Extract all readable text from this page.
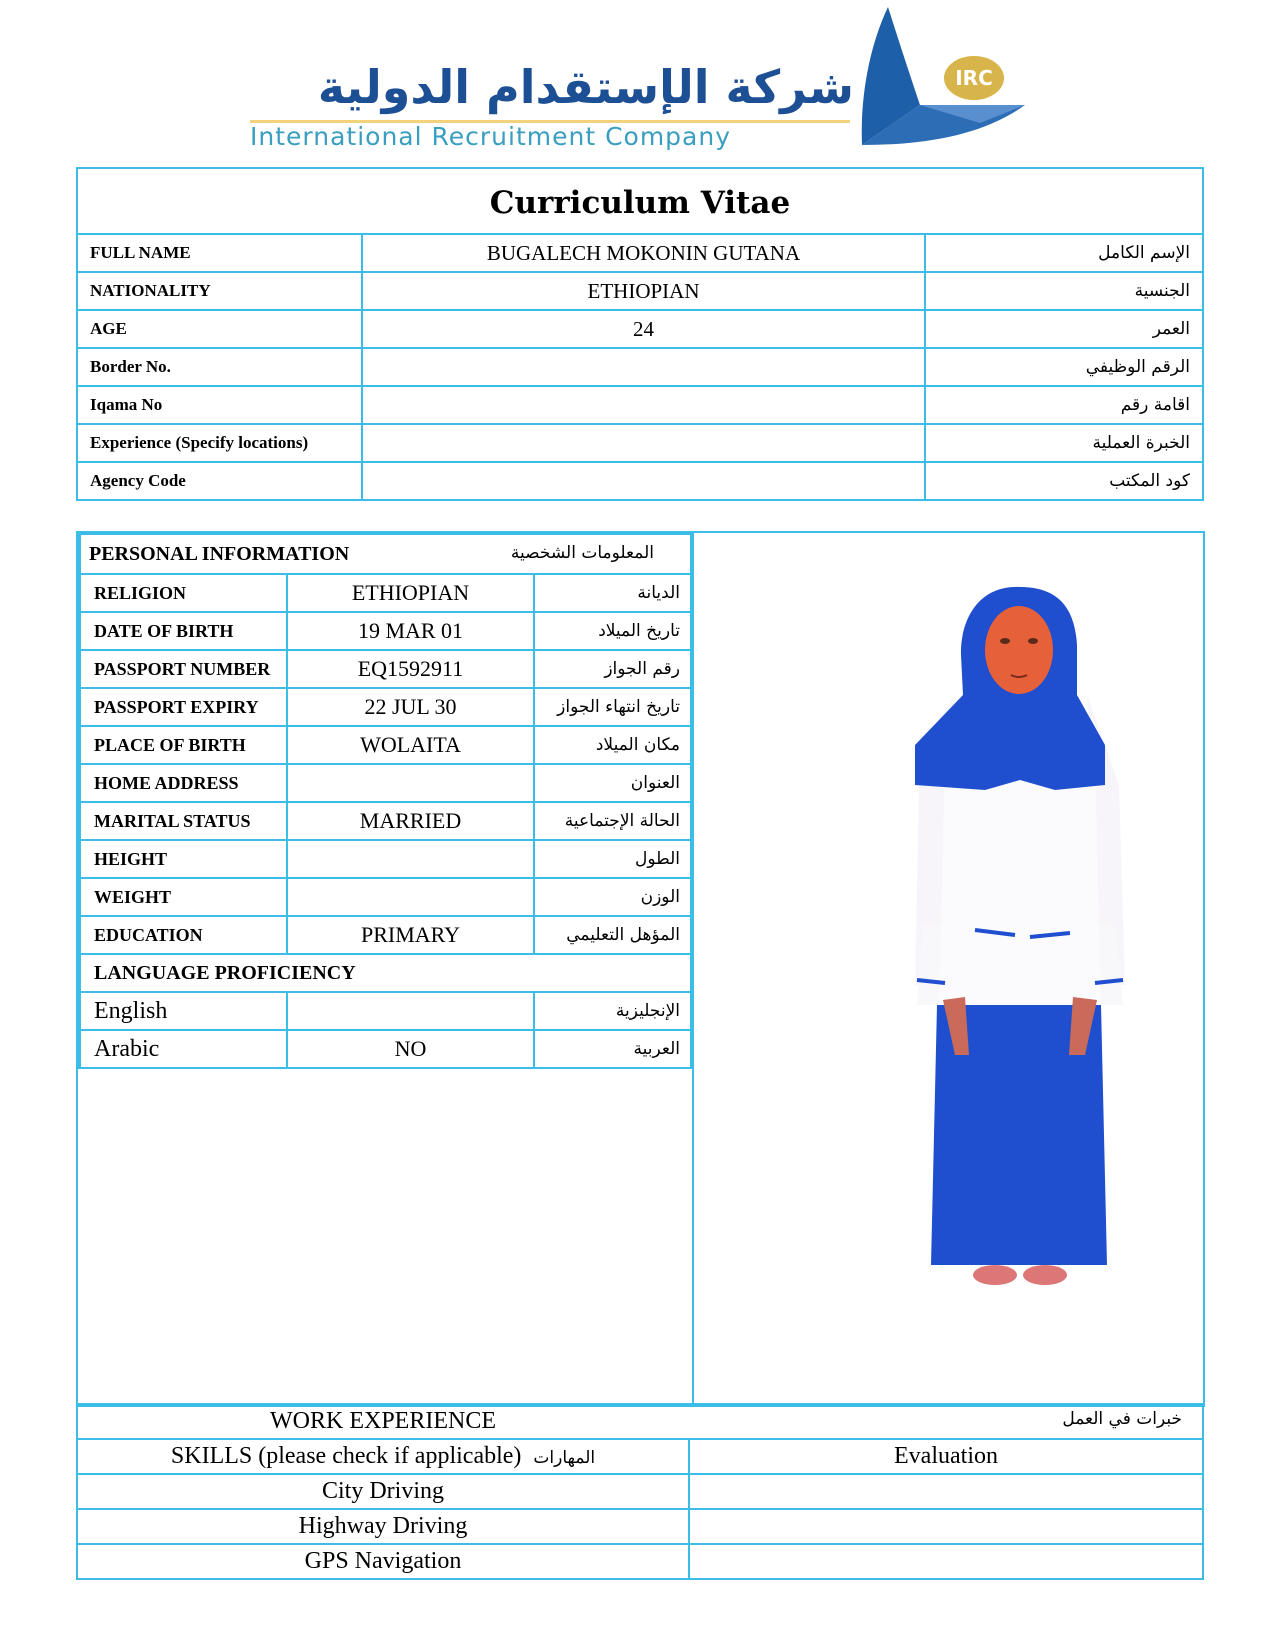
شركة الإستقدام الدولية
International Recruitment Company
IRC
Curriculum Vitae		
FULL NAME	BUGALECH MOKONIN GUTANA	الإسم الكامل
NATIONALITY	ETHIOPIAN	الجنسية
AGE	24	العمر
Border No.		الرقم الوظيفي
Iqama No		اقامة رقم
Experience (Specify locations)		الخبرة العملية
Agency Code		كود المكتب
PERSONAL INFORMATION المعلومات الشخصية		

RELIGION	ETHIOPIAN	الديانة
DATE OF BIRTH	19 MAR 01	تاريخ الميلاد
PASSPORT NUMBER	EQ1592911	رقم الجواز
PASSPORT EXPIRY	22 JUL 30	تاريخ انتهاء الجواز
PLACE OF BIRTH	WOLAITA	مكان الميلاد
HOME ADDRESS		العنوان
MARITAL STATUS	MARRIED	الحالة الإجتماعية
HEIGHT		الطول
WEIGHT		الوزن
EDUCATION	PRIMARY	المؤهل التعليمي
LANGUAGE PROFICIENCY		
English		الإنجليزية
Arabic	NO	العربية
WORK EXPERIENCE خبرات في العمل	

SKILLS (please check if applicable) المهارات	Evaluation
City Driving	
Highway Driving	
GPS Navigation	
